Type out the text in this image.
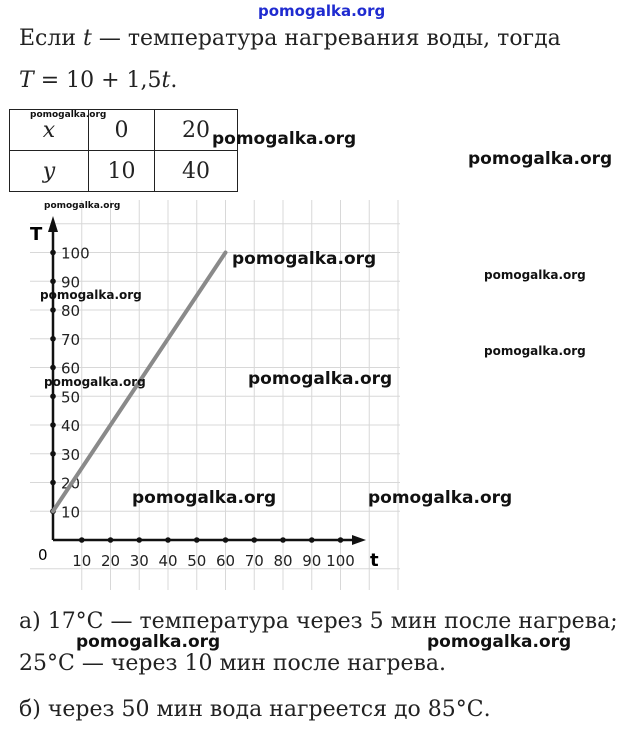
pomogalka.org
Если t — температура нагревания воды, тогда
T = 10 + 1,5t.
x	0	20
y	10	40
10
20
30
40
50
60
70
80
90
100
10 20 30 40 50 60 70 80 90 100
T
t
0
а) 17°С — температура через 5 мин после нагрева;
25°С — через 10 мин после нагрева.
б) через 50 мин вода нагреется до 85°С.
pomogalka.org
pomogalka.org
pomogalka.org
pomogalka.org
pomogalka.org
pomogalka.org
pomogalka.org
pomogalka.org
pomogalka.org
pomogalka.org
pomogalka.org	pomogalka.org
pomogalka.org	pomogalka.org
